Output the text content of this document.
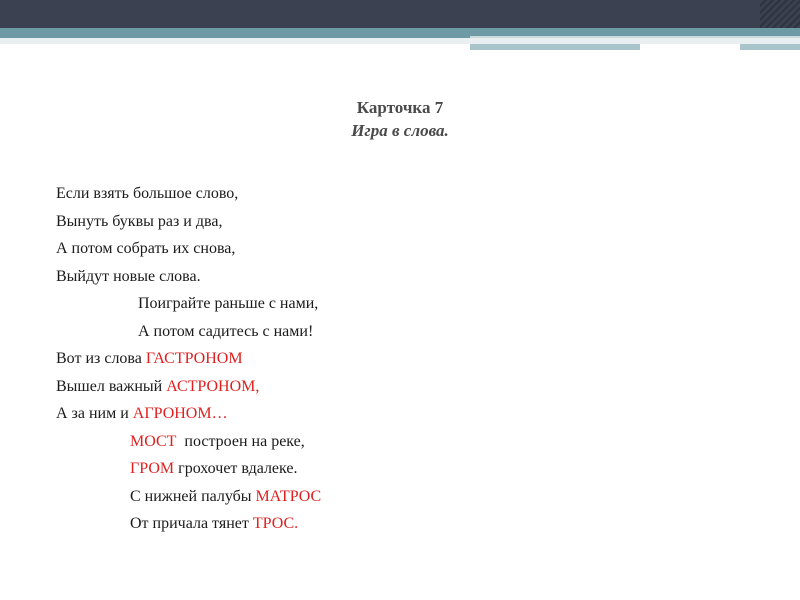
Карточка 7
Игра в слова.
Если взять большое слово,
Вынуть буквы раз и два,
А потом собрать их снова,
Выйдут новые слова.
Поиграйте раньше с нами,
А потом садитесь с нами!
Вот из слова ГАСТРОНОМ
Вышел важный АСТРОНОМ,
А за ним и АГРОНОМ…
МОСТ  построен на реке,
ГРОМ грохочет вдалеке.
С нижней палубы МАТРОС
От причала тянет ТРОС.
